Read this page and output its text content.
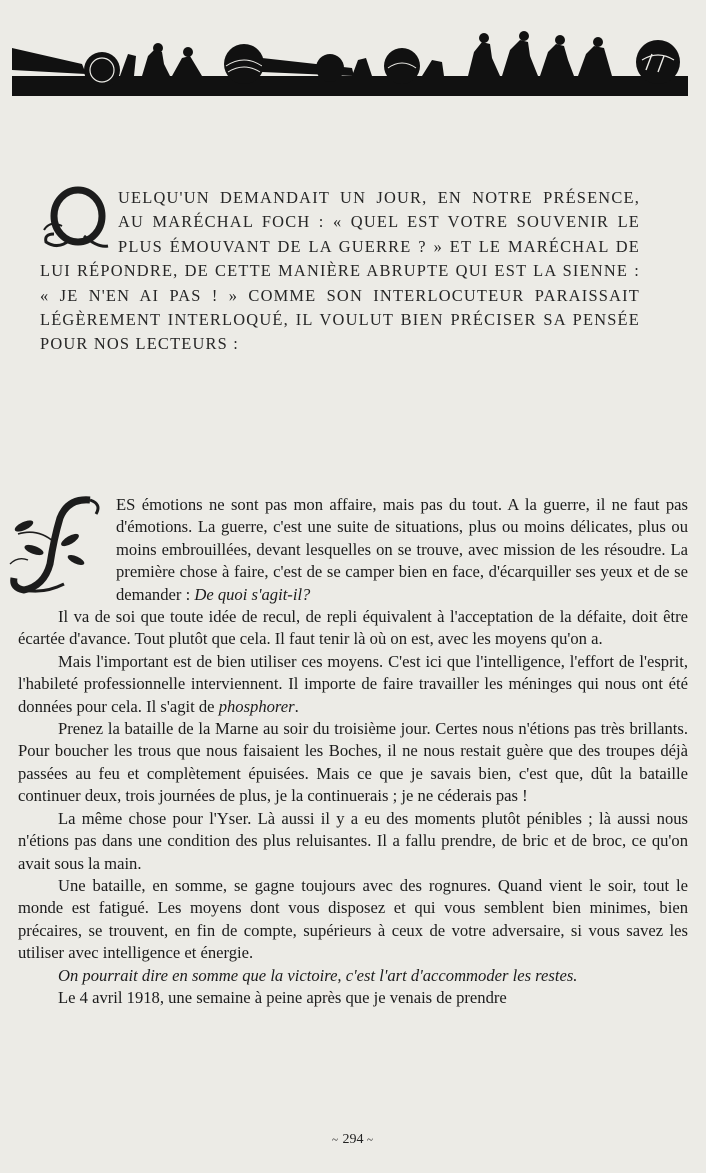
UELQU'UN DEMANDAIT UN JOUR, EN NOTRE PRÉSENCE, AU MARÉCHAL FOCH : « QUEL EST VOTRE SOUVENIR LE PLUS ÉMOUVANT DE LA GUERRE ? » ET LE MARÉCHAL DE LUI RÉPONDRE, DE CETTE MANIÈRE ABRUPTE QUI EST LA SIENNE : « JE N'EN AI PAS ! » COMME SON INTERLOCUTEUR PARAISSAIT LÉGÈREMENT INTERLOQUÉ, IL VOULUT BIEN PRÉCISER SA PENSÉE POUR NOS LECTEURS :

ES émotions ne sont pas mon affaire, mais pas du tout. A la guerre, il ne faut pas d'émotions. La guerre, c'est une suite de situations, plus ou moins délicates, plus ou moins embrouillées, devant lesquelles on se trouve, avec mission de les résoudre. La première chose à faire, c'est de se camper bien en face, d'écarquiller ses yeux et de se demander : De quoi s'agit-il?

Il va de soi que toute idée de recul, de repli équivalent à l'acceptation de la défaite, doit être écartée d'avance. Tout plutôt que cela. Il faut tenir là où on est, avec les moyens qu'on a.

Mais l'important est de bien utiliser ces moyens. C'est ici que l'intelligence, l'effort de l'esprit, l'habileté professionnelle interviennent. Il importe de faire travailler les méninges qui nous ont été données pour cela. Il s'agit de phosphorer.

Prenez la bataille de la Marne au soir du troisième jour. Certes nous n'étions pas très brillants. Pour boucher les trous que nous faisaient les Boches, il ne nous restait guère que des troupes déjà passées au feu et complètement épuisées. Mais ce que je savais bien, c'est que, dût la bataille continuer deux, trois journées de plus, je la continuerais ; je ne céderais pas !

La même chose pour l'Yser. Là aussi il y a eu des moments plutôt pénibles ; là aussi nous n'étions pas dans une condition des plus reluisantes. Il a fallu prendre, de bric et de broc, ce qu'on avait sous la main.

Une bataille, en somme, se gagne toujours avec des rognures. Quand vient le soir, tout le monde est fatigué. Les moyens dont vous disposez et qui vous semblent bien minimes, bien précaires, se trouvent, en fin de compte, supérieurs à ceux de votre adversaire, si vous savez les utiliser avec intelligence et énergie.

On pourrait dire en somme que la victoire, c'est l'art d'accommoder les restes.

Le 4 avril 1918, une semaine à peine après que je venais de prendre

~ 294 ~
